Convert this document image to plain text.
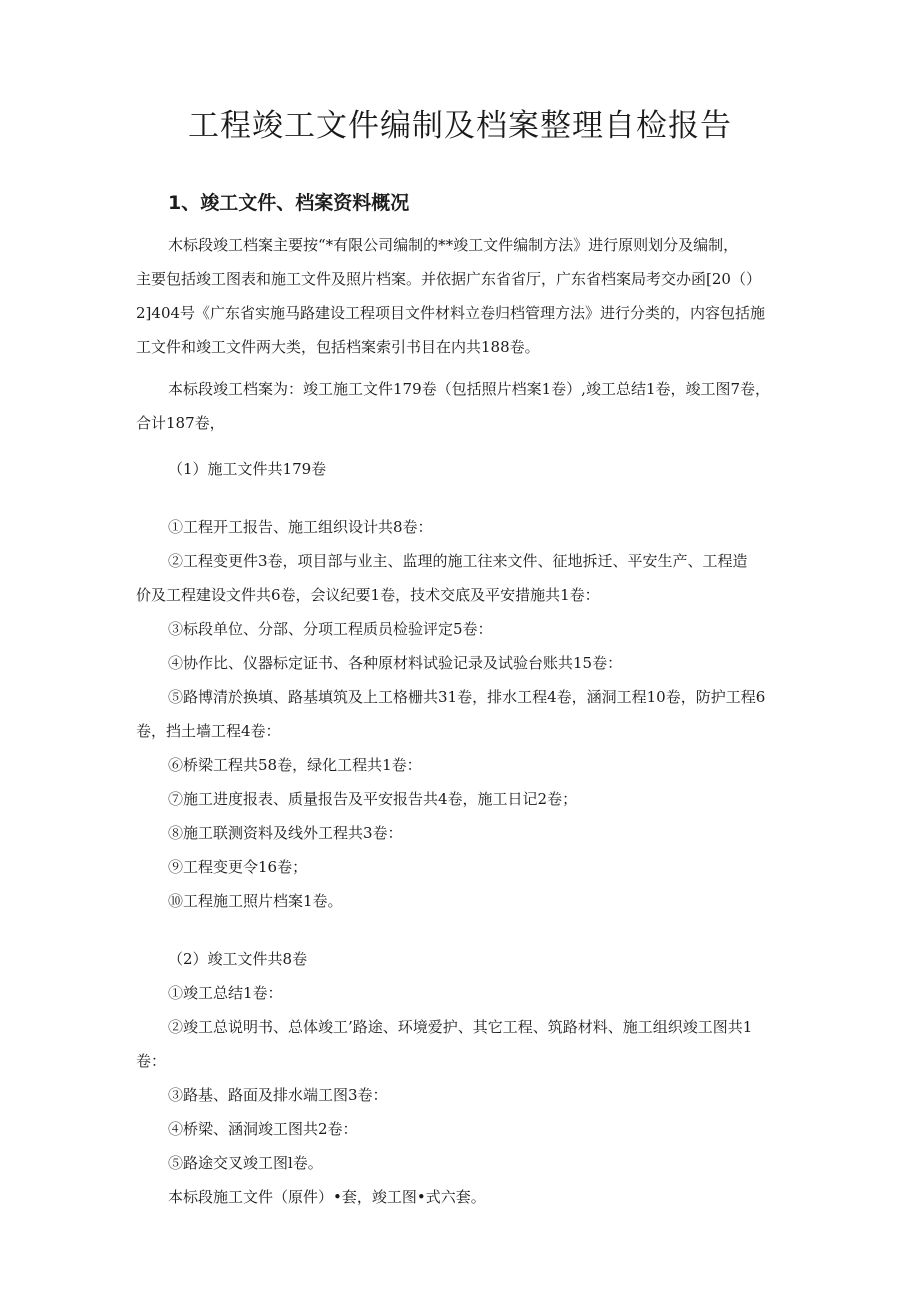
工程竣工文件编制及档案整理自检报告
1、竣工文件、档案资料概况
木标段竣工档案主要按“*有限公司编制的**竣工文件编制方法》进行原则划分及编制，
主要包括竣工图表和施工文件及照片档案。并依据广东省省厅，广东省档案局考交办函[20（）
2]404号《广东省实施马路建设工程项目文件材料立卷归档管理方法》进行分类的，内容包括施
工文件和竣工文件两大类，包括档案索引书目在内共188卷。
本标段竣工档案为：竣工施工文件179卷（包括照片档案1卷）,竣工总结1卷，竣工图7卷，
合计187卷，
（1）施工文件共179卷
①工程开工报告、施工组织设计共8卷：
②工程变更件3卷，项目部与业主、监理的施工往来文件、征地拆迁、平安生产、工程造
价及工程建设文件共6卷，会议纪要1卷，技术交底及平安措施共1卷：
③标段单位、分部、分项工程质员检验评定5卷：
④协作比、仪器标定证书、各种原材料试验记录及试验台账共15卷：
⑤路博清於换填、路基填筑及上工格栅共31卷，排水工程4卷，涵洞工程10卷，防护工程6
卷，挡土墙工程4卷：
⑥桥梁工程共58卷，绿化工程共1卷：
⑦施工进度报表、质量报告及平安报告共4卷，施工日记2卷；
⑧施工联测资料及线外工程共3卷：
⑨工程变更令16卷；
⑩工程施工照片档案1卷。
（2）竣工文件共8卷
①竣工总结1卷：
②竣工总说明书、总体竣工’路途、环境爱护、其它工程、筑路材料、施工组织竣工图共1
卷：
③路基、路面及排水端工图3卷：
④桥梁、涵洞竣工图共2卷：
⑤路途交叉竣工图l卷。
本标段施工文件（原件）•套，竣工图•式六套。
